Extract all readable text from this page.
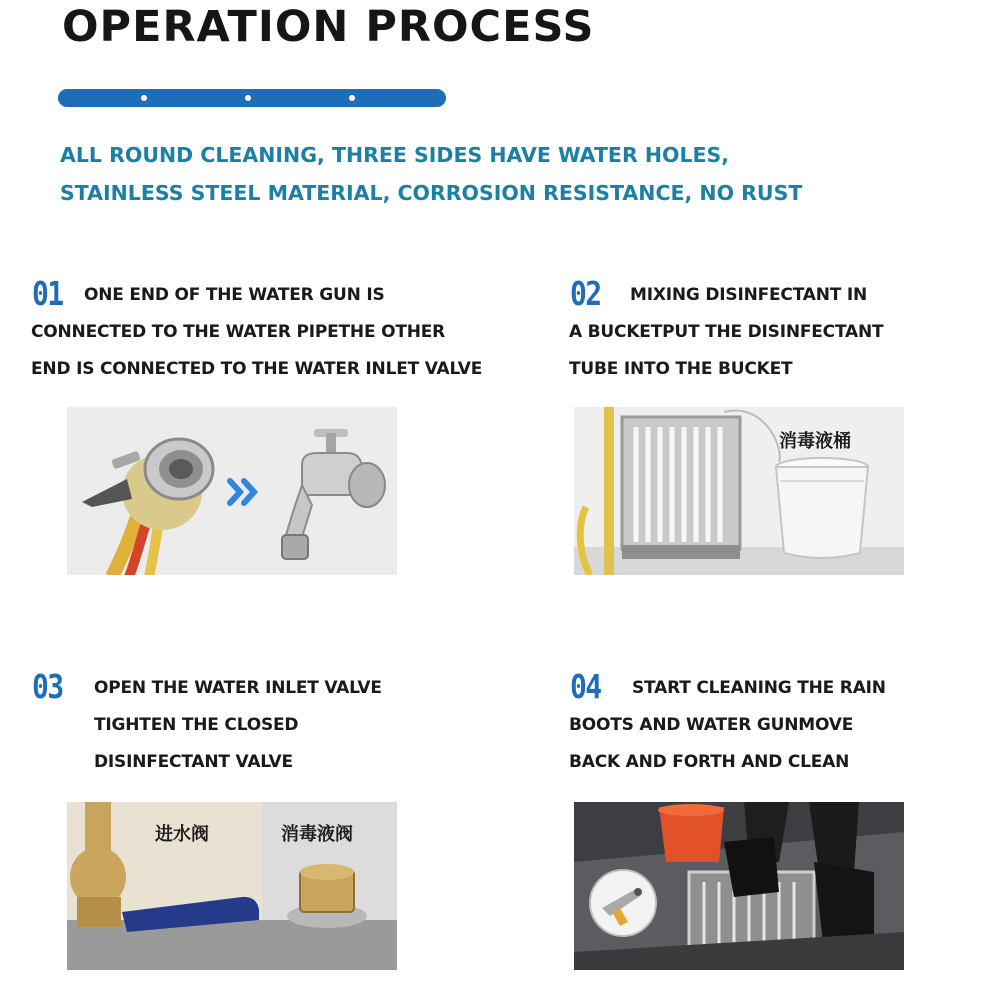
OPERATION PROCESS
ALL ROUND CLEANING, THREE SIDES HAVE WATER HOLES,
STAINLESS STEEL MATERIAL, CORROSION RESISTANCE, NO RUST
01 ONE END OF THE WATER GUN IS
CONNECTED TO THE WATER PIPETHE OTHER
END IS CONNECTED TO THE WATER INLET VALVE
02 MIXING DISINFECTANT IN
A BUCKETPUT THE DISINFECTANT
TUBE INTO THE BUCKET
03 OPEN THE WATER INLET VALVE
TIGHTEN THE CLOSED
DISINFECTANT VALVE
04 START CLEANING THE RAIN
BOOTS AND WATER GUNMOVE
BACK AND FORTH AND CLEAN
消毒液桶
进水阀	消毒液阀
